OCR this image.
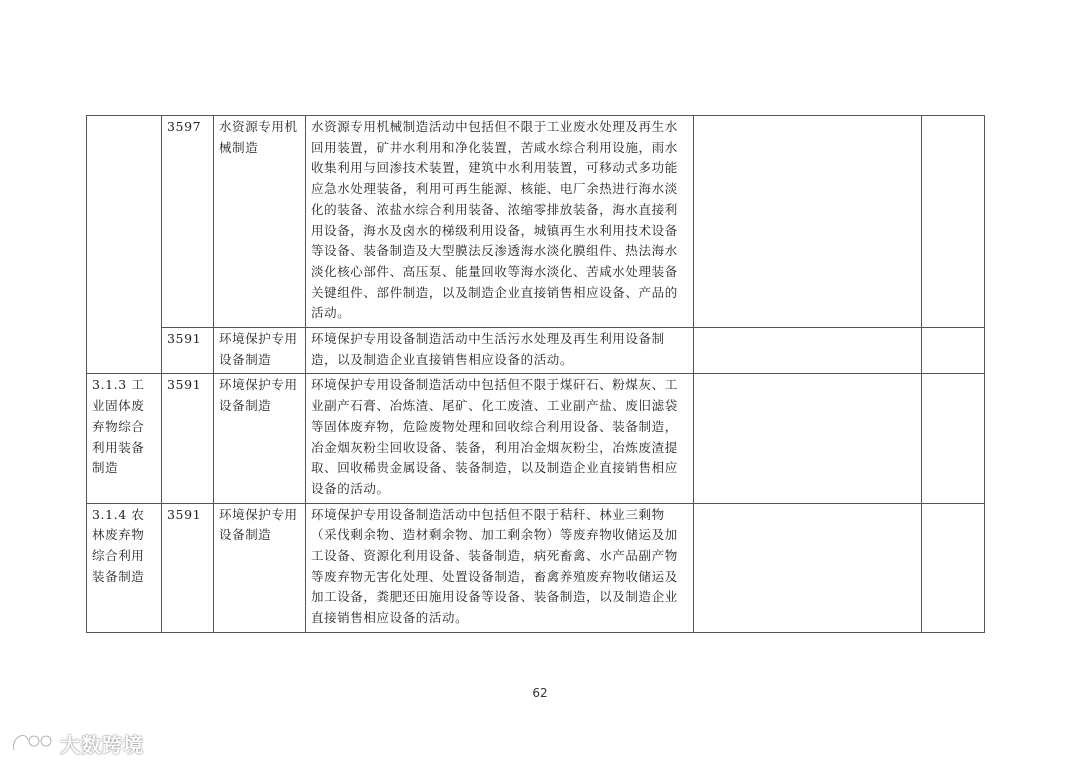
	3597	水资源专用机械制造	水资源专用机械制造活动中包括但不限于工业废水处理及再生水回用装置，矿井水利用和净化装置，苦咸水综合利用设施，雨水收集利用与回渗技术装置，建筑中水利用装置，可移动式多功能应急水处理装备，利用可再生能源、核能、电厂余热进行海水淡化的装备、浓盐水综合利用装备、浓缩零排放装备，海水直接利用设备，海水及卤水的梯级利用设备，城镇再生水利用技术设备等设备、装备制造及大型膜法反渗透海水淡化膜组件、热法海水淡化核心部件、高压泵、能量回收等海水淡化、苦咸水处理装备关键组件、部件制造，以及制造企业直接销售相应设备、产品的活动。		
	3591	环境保护专用设备制造	环境保护专用设备制造活动中生活污水处理及再生利用设备制造，以及制造企业直接销售相应设备的活动。		
3.1.3 工业固体废弃物综合利用装备制造	3591	环境保护专用设备制造	环境保护专用设备制造活动中包括但不限于煤矸石、粉煤灰、工业副产石膏、冶炼渣、尾矿、化工废渣、工业副产盐、废旧滤袋等固体废弃物，危险废物处理和回收综合利用设备、装备制造，冶金烟灰粉尘回收设备、装备，利用冶金烟灰粉尘，冶炼废渣提取、回收稀贵金属设备、装备制造，以及制造企业直接销售相应设备的活动。		
3.1.4 农林废弃物综合利用装备制造	3591	环境保护专用设备制造	环境保护专用设备制造活动中包括但不限于秸秆、林业三剩物（采伐剩余物、造材剩余物、加工剩余物）等废弃物收储运及加工设备、资源化利用设备、装备制造，病死畜禽、水产品副产物等废弃物无害化处理、处置设备制造，畜禽养殖废弃物收储运及加工设备，粪肥还田施用设备等设备、装备制造，以及制造企业直接销售相应设备的活动。		
62
大数跨境
